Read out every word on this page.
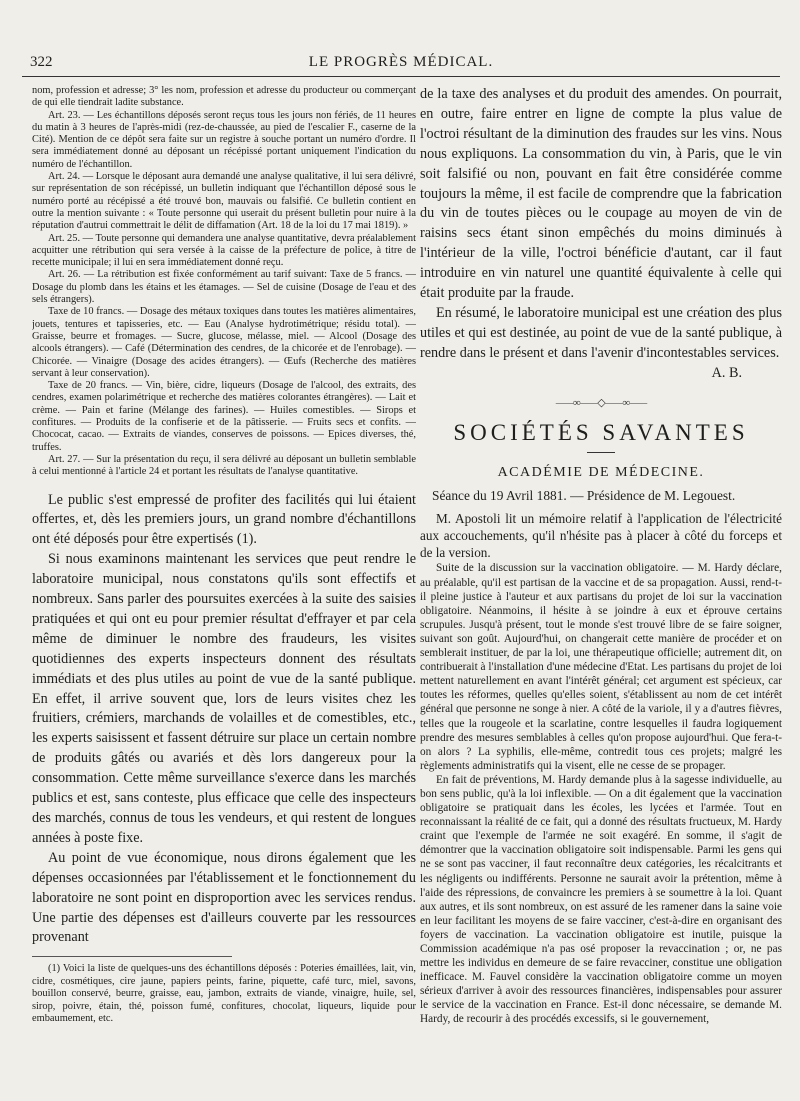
322	LE PROGRÈS MÉDICAL.

nom, profession et adresse; 3° les nom, profession et adresse du producteur ou commerçant de qui elle tiendrait ladite substance.

Art. 23. — Les échantillons déposés seront reçus tous les jours non fériés, de 11 heures du matin à 3 heures de l'après-midi (rez-de-chaussée, au pied de l'escalier F., caserne de la Cité). Mention de ce dépôt sera faite sur un registre à souche portant un numéro d'ordre. Il sera immédiatement donné au déposant un récépissé portant uniquement l'indication du numéro de l'échantillon.

Art. 24. — Lorsque le déposant aura demandé une analyse qualitative, il lui sera délivré, sur représentation de son récépissé, un bulletin indiquant que l'échantillon déposé sous le numéro porté au récépissé a été trouvé bon, mauvais ou falsifié. Ce bulletin contient en outre la mention suivante : « Toute personne qui userait du présent bulletin pour nuire à la réputation d'autrui commettrait le délit de diffamation (Art. 18 de la loi du 17 mai 1819). »

Art. 25. — Toute personne qui demandera une analyse quantitative, devra préalablement acquitter une rétribution qui sera versée à la caisse de la préfecture de police, à titre de recette municipale; il lui en sera immédiatement donné reçu.

Art. 26. — La rétribution est fixée conformément au tarif suivant: Taxe de 5 francs. — Dosage du plomb dans les étains et les étamages. — Sel de cuisine (Dosage de l'eau et des sels étrangers).

Taxe de 10 francs. — Dosage des métaux toxiques dans toutes les matières alimentaires, jouets, tentures et tapisseries, etc. — Eau (Analyse hydrotimétrique; résidu total). — Graisse, beurre et fromages. — Sucre, glucose, mélasse, miel. — Alcool (Dosage des alcools étrangers). — Café (Détermination des cendres, de la chicorée et de l'enrobage). — Chicorée. — Vinaigre (Dosage des acides étrangers). — Œufs (Recherche des matières servant à leur conservation).

Taxe de 20 francs. — Vin, bière, cidre, liqueurs (Dosage de l'alcool, des extraits, des cendres, examen polarimétrique et recherche des matières colorantes étrangères). — Lait et crème. — Pain et farine (Mélange des farines). — Huiles comestibles. — Sirops et confitures. — Produits de la confiserie et de la pâtisserie. — Fruits secs et confits. — Chococat, cacao. — Extraits de viandes, conserves de poissons. — Epices diverses, thé, truffes.

Art. 27. — Sur la présentation du reçu, il sera délivré au déposant un bulletin semblable à celui mentionné à l'article 24 et portant les résultats de l'analyse quantitative.

Le public s'est empressé de profiter des facilités qui lui étaient offertes, et, dès les premiers jours, un grand nombre d'échantillons ont été déposés pour être expertisés (1).

Si nous examinons maintenant les services que peut rendre le laboratoire municipal, nous constatons qu'ils sont effectifs et nombreux. Sans parler des poursuites exercées à la suite des saisies pratiquées et qui ont eu pour premier résultat d'effrayer et par cela même de diminuer le nombre des fraudeurs, les visites quotidiennes des experts inspecteurs donnent des résultats immédiats et des plus utiles au point de vue de la santé publique. En effet, il arrive souvent que, lors de leurs visites chez les fruitiers, crémiers, marchands de volailles et de comestibles, etc., les experts saisissent et fassent détruire sur place un certain nombre de produits gâtés ou avariés et dès lors dangereux pour la consommation. Cette même surveillance s'exerce dans les marchés publics et est, sans conteste, plus efficace que celle des inspecteurs des marchés, connus de tous les vendeurs, et qui restent de longues années à poste fixe.

Au point de vue économique, nous dirons également que les dépenses occasionnées par l'établissement et le fonctionnement du laboratoire ne sont point en disproportion avec les services rendus. Une partie des dépenses est d'ailleurs couverte par les ressources provenant

(1) Voici la liste de quelques-uns des échantillons déposés : Poteries émaillées, lait, vin, cidre, cosmétiques, cire jaune, papiers peints, farine, piquette, café turc, miel, savons, bouillon conservé, beurre, graisse, eau, jambon, extraits de viande, vinaigre, huile, sel, sirop, poivre, étain, thé, poisson fumé, confitures, chocolat, liqueurs, liquide pour embaumement, etc.

de la taxe des analyses et du produit des amendes. On pourrait, en outre, faire entrer en ligne de compte la plus value de l'octroi résultant de la diminution des fraudes sur les vins. Nous nous expliquons. La consommation du vin, à Paris, que le vin soit falsifié ou non, pouvant en fait être considérée comme toujours la même, il est facile de comprendre que la fabrication du vin de toutes pièces ou le coupage au moyen de vin de raisins secs étant sinon empêchés du moins diminués à l'intérieur de la ville, l'octroi bénéficie d'autant, car il faut introduire en vin naturel une quantité équivalente à celle qui était produite par la fraude.

En résumé, le laboratoire municipal est une création des plus utiles et qui est destinée, au point de vue de la santé publique, à rendre dans le présent et dans l'avenir d'incontestables services.

A. B.
⸺∞⸺◇⸺∞⸺
SOCIÉTÉS SAVANTES
ACADÉMIE DE MÉDECINE.

Séance du 19 Avril 1881. — Présidence de M. Legouest.

M. Apostoli lit un mémoire relatif à l'application de l'électricité aux accouchements, qu'il n'hésite pas à placer à côté du forceps et de la version.

Suite de la discussion sur la vaccination obligatoire. — M. Hardy déclare, au préalable, qu'il est partisan de la vaccine et de sa propagation. Aussi, rend-t-il pleine justice à l'auteur et aux partisans du projet de loi sur la vaccination obligatoire. Néanmoins, il hésite à se joindre à eux et éprouve certains scrupules. Jusqu'à présent, tout le monde s'est trouvé libre de se faire soigner, suivant son goût. Aujourd'hui, on changerait cette manière de procéder et on semblerait instituer, de par la loi, une thérapeutique officielle; autrement dit, on contribuerait à l'installation d'une médecine d'Etat. Les partisans du projet de loi mettent naturellement en avant l'intérêt général; cet argument est spécieux, car toutes les réformes, quelles qu'elles soient, s'établissent au nom de cet intérêt général que personne ne songe à nier. A côté de la variole, il y a d'autres fièvres, telles que la rougeole et la scarlatine, contre lesquelles il faudra logiquement prendre des mesures semblables à celles qu'on propose aujourd'hui. Que fera-t-on alors ? La syphilis, elle-même, contredit tous ces projets; malgré les règlements administratifs qui la visent, elle ne cesse de se propager.

En fait de préventions, M. Hardy demande plus à la sagesse individuelle, au bon sens public, qu'à la loi inflexible. — On a dit également que la vaccination obligatoire se pratiquait dans les écoles, les lycées et l'armée. Tout en reconnaissant la réalité de ce fait, qui a donné des résultats fructueux, M. Hardy craint que l'exemple de l'armée ne soit exagéré. En somme, il s'agit de démontrer que la vaccination obligatoire soit indispensable. Parmi les gens qui ne se sont pas vacciner, il faut reconnaître deux catégories, les récalcitrants et les négligents ou indifférents. Personne ne saurait avoir la prétention, même à l'aide des répressions, de convaincre les premiers à se soumettre à la loi. Quant aux autres, et ils sont nombreux, on est assuré de les ramener dans la saine voie en leur facilitant les moyens de se faire vacciner, c'est-à-dire en organisant des foyers de vaccination. La vaccination obligatoire est inutile, puisque la Commission académique n'a pas osé proposer la revaccination ; or, ne pas mettre les individus en demeure de se faire revacciner, constitue une obligation inefficace. M. Fauvel considère la vaccination obligatoire comme un moyen sérieux d'arriver à avoir des ressources financières, indispensables pour assurer le service de la vaccination en France. Est-il donc nécessaire, se demande M. Hardy, de recourir à des procédés excessifs, si le gouvernement,
